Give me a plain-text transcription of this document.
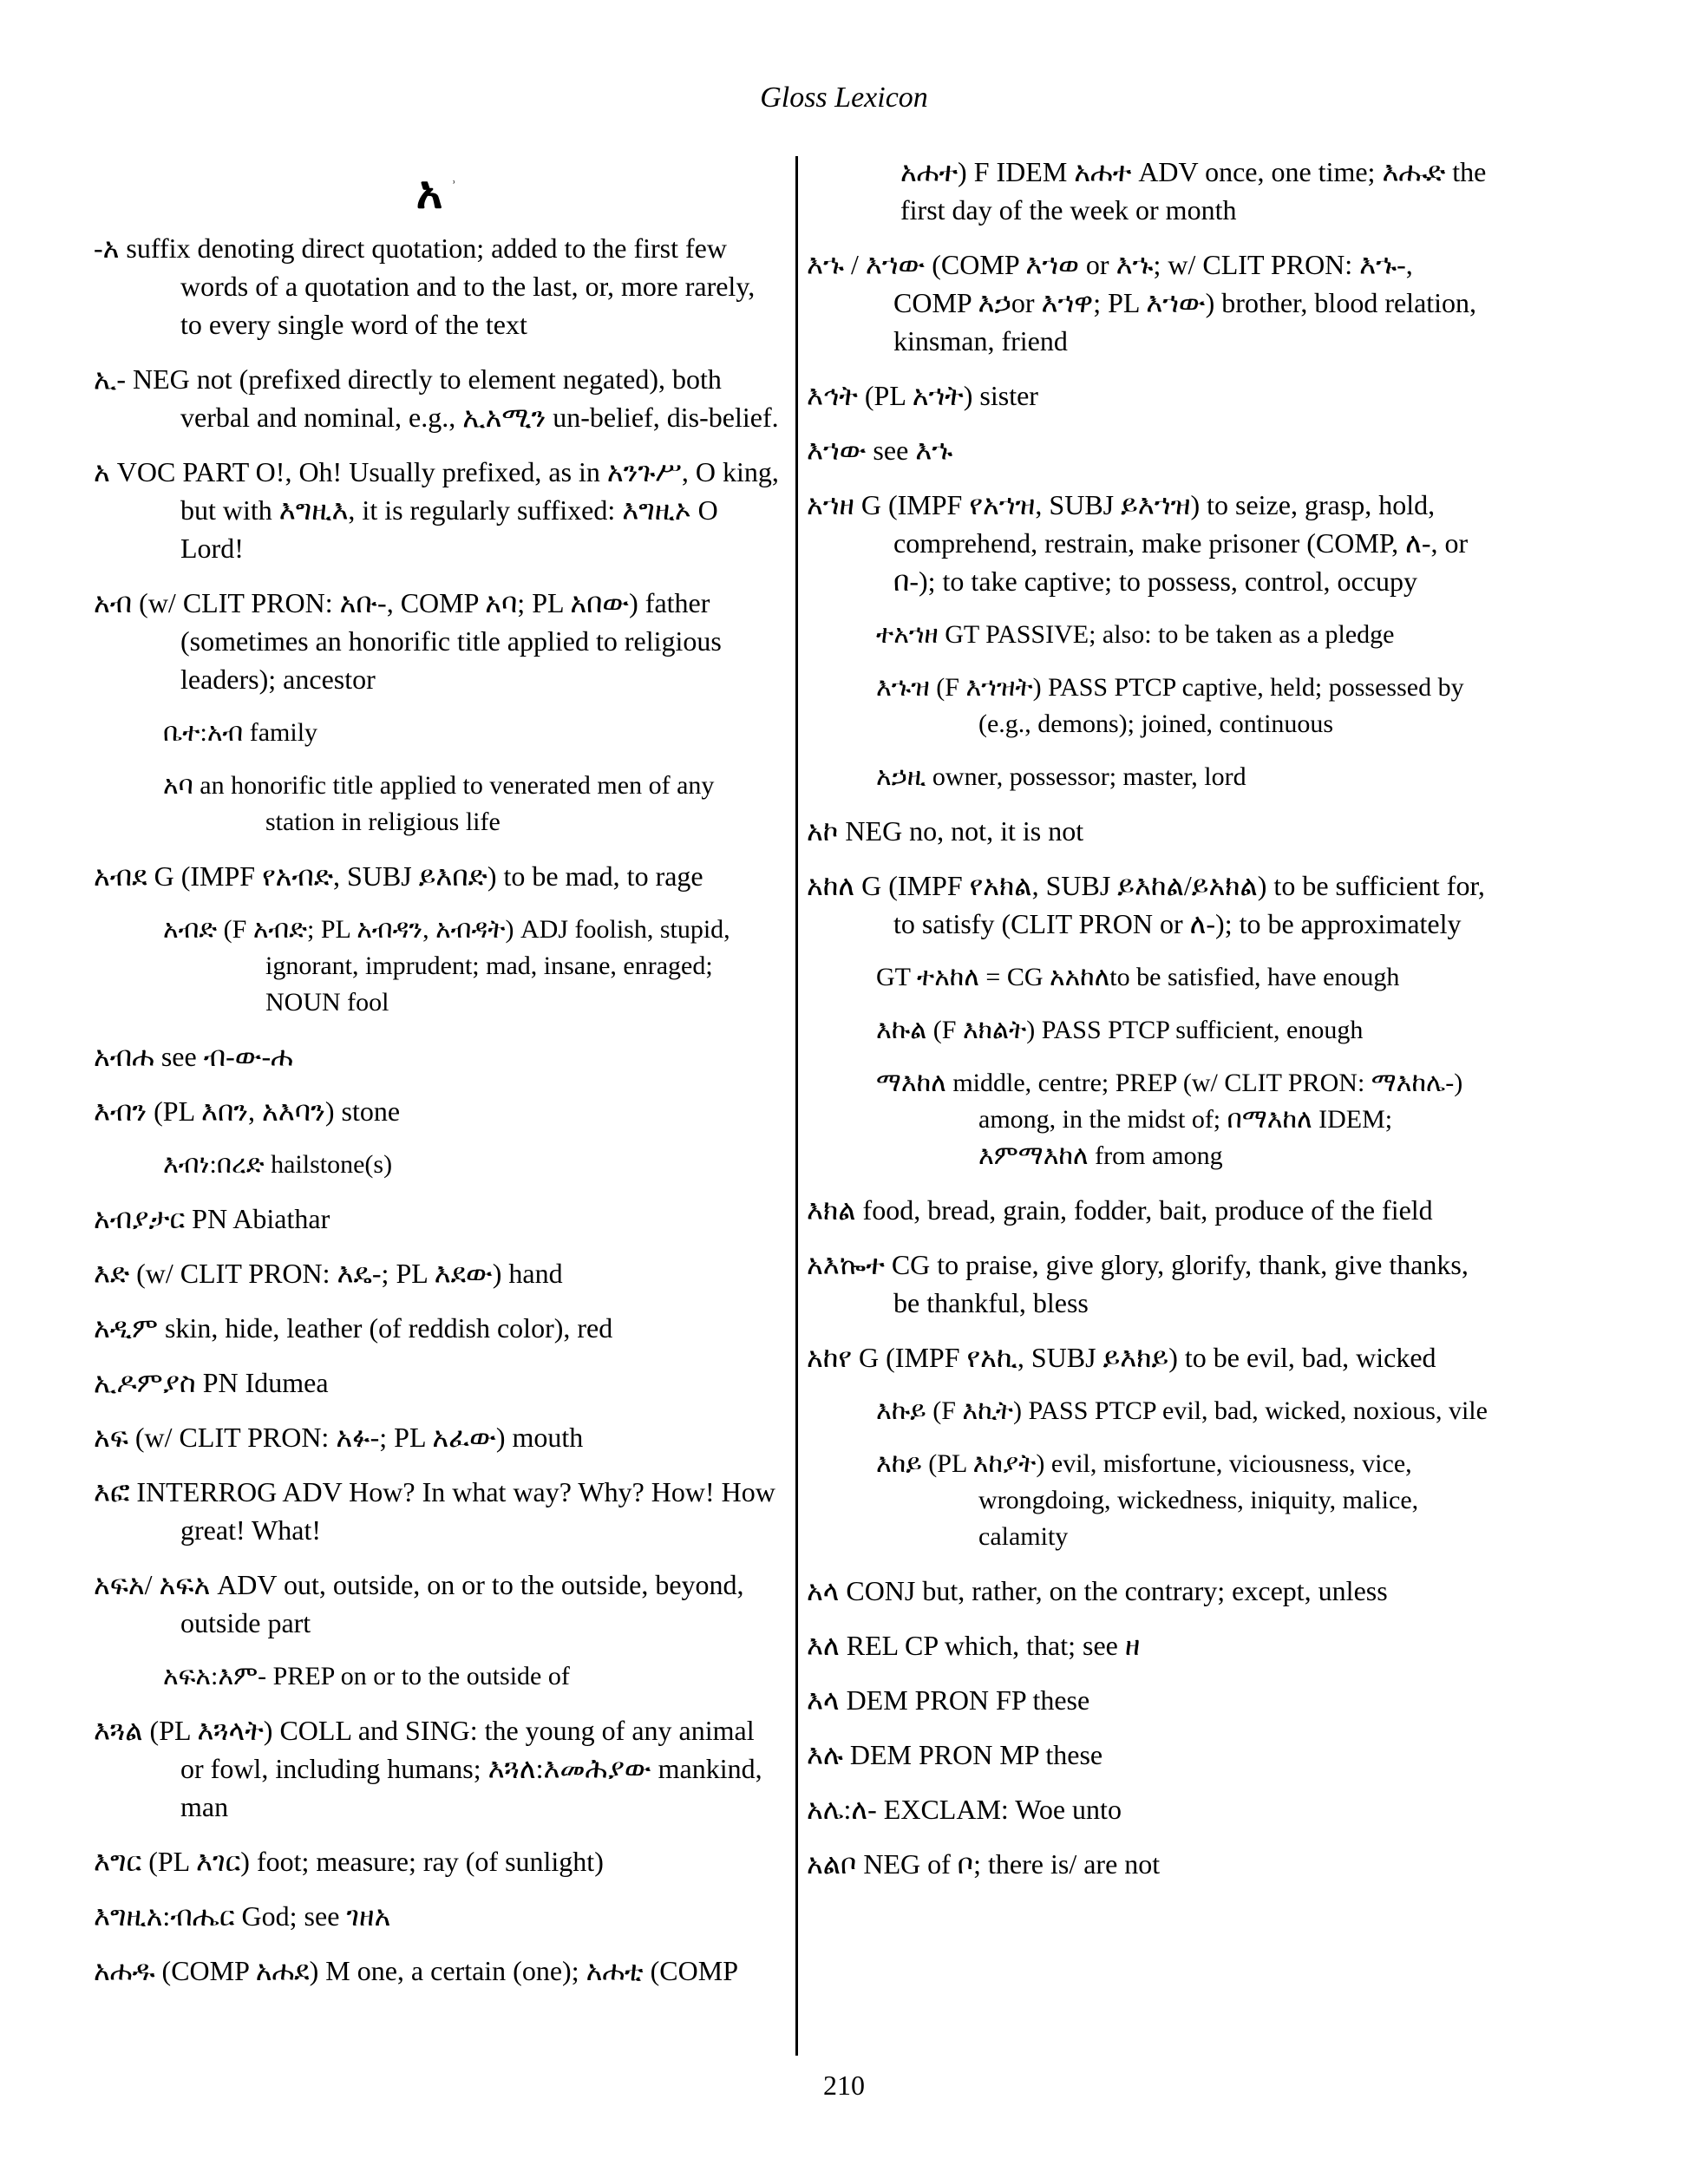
Gloss Lexicon
አ $^ʾ$

-አ suffix denoting direct quotation; added to the first few words of a quotation and to the last, or, more rarely, to every single word of the text

ኢ- NEG not (prefixed directly to element negated), both verbal and nominal, e.g., ኢአሚን un-belief, dis-belief.

አ VOC PART O!, Oh! Usually prefixed, as in አንጉሥ, O king, but with እግዚእ, it is regularly suffixed: እግዚኦ O Lord!

አብ (w/ CLIT PRON: አቡ-, COMP አባ; PL አበው) father (sometimes an honorific title applied to religious leaders); ancestor

ቤተ:አብ family

አባ an honorific title applied to venerated men of any station in religious life

አብደ G (IMPF የአብድ, SUBJ ይእበድ) to be mad, to rage

አብድ (F አብድ; PL አብዳን, አብዳት) ADJ foolish, stupid, ignorant, imprudent; mad, insane, enraged; NOUN fool

አብሐ see ብ-ው-ሐ

እብን (PL እበን, አእባን) stone

እብነ:በረድ hailstone(s)

አብያታር PN Abiathar

እድ (w/ CLIT PRON: እዴ-; PL እደው) hand

አዲም skin, hide, leather (of reddish color), red

ኢዶምያስ PN Idumea

አፍ (w/ CLIT PRON: አፉ-; PL አፈው) mouth

እፎ INTERROG ADV How? In what way? Why? How! How great! What!

አፍአ/ አፍአ ADV out, outside, on or to the outside, beyond, outside part

አፍአ:እም- PREP on or to the outside of

እጓል (PL እጓላት) COLL and SING: the young of any animal or fowl, including humans; እጓለ:እመሕያው mankind, man

እግር (PL እገር) foot; measure; ray (of sunlight)

እግዚአ:ብሔር God; see ገዘአ

አሐዱ (COMP አሐደ) M one, a certain (one); አሐቲ (COMP

አሐተ) F IDEM አሐተ ADV once, one time; እሑድ the first day of the week or month

እኁ / እኀው (COMP እኀወ or እኁ; w/ CLIT PRON: እኁ-, COMP እኃor እኀዋ; PL እኀው) brother, blood relation, kinsman, friend

እኅት (PL አኀት) sister

እኀው see እኁ

አኀዘ G (IMPF የአኀዝ, SUBJ ይእኀዝ) to seize, grasp, hold, comprehend, restrain, make prisoner (COMP, ለ-, or በ-); to take captive; to possess, control, occupy

ተአኀዘ GT PASSIVE; also: to be taken as a pledge

እኁዝ (F እኀዝት) PASS PTCP captive, held; possessed by (e.g., demons); joined, continuous

አኃዚ owner, possessor; master, lord

አኮ NEG no, not, it is not

አከለ G (IMPF የአክል, SUBJ ይእከል/ይአክል) to be sufficient for, to satisfy (CLIT PRON or ለ-); to be approximately

GT ተአከለ = CG አአከለto be satisfied, have enough

እኩል (F እክልት) PASS PTCP sufficient, enough

ማእከለ middle, centre; PREP (w/ CLIT PRON: ማእከሌ-) among, in the midst of; በማእከለ IDEM; እምማእከለ from among

እክል food, bread, grain, fodder, bait, produce of the field

አእኰተ CG to praise, give glory, glorify, thank, give thanks, be thankful, bless

አከየ G (IMPF የአኪ, SUBJ ይእክይ) to be evil, bad, wicked

እኩይ (F እኪት) PASS PTCP evil, bad, wicked, noxious, vile

እከይ (PL እከያት) evil, misfortune, viciousness, vice, wrongdoing, wickedness, iniquity, malice, calamity

አላ CONJ but, rather, on the contrary; except, unless

እለ REL CP which, that; see ዘ

እላ DEM PRON FP these

እሉ DEM PRON MP these

አሌ:ለ- EXCLAM: Woe unto

አልቦ NEG of ቦ; there is/ are not

210
